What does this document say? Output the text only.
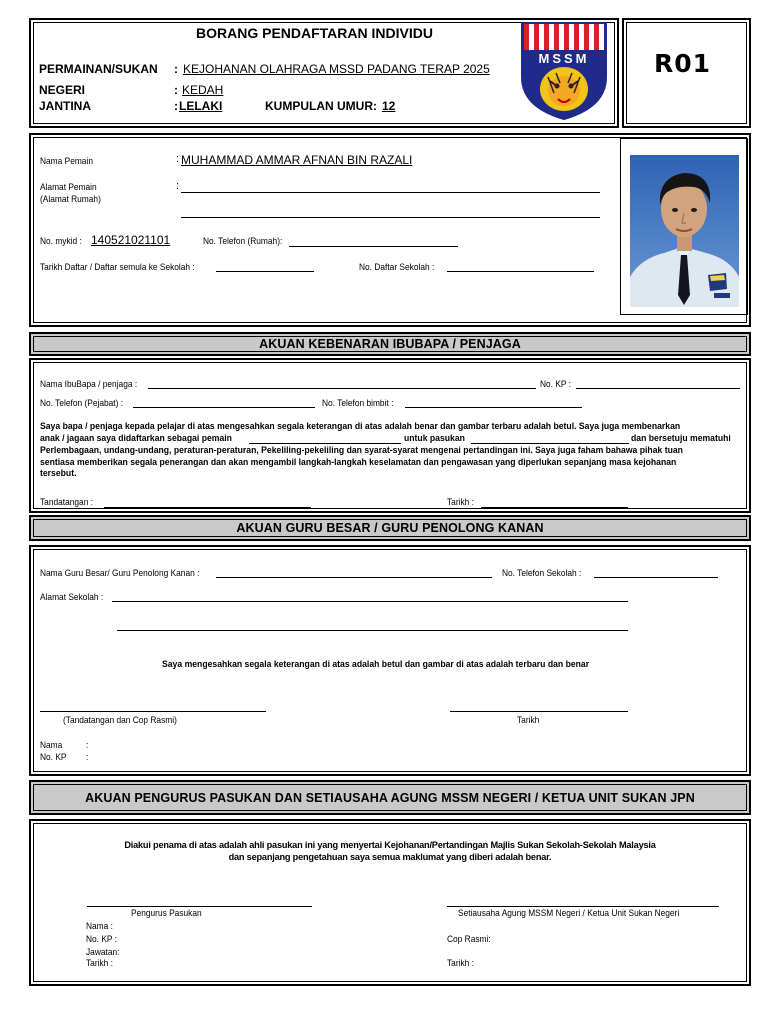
BORANG PENDAFTARAN INDIVIDU
PERMAINAN/SUKAN : KEJOHANAN OLAHRAGA MSSD PADANG TERAP 2025
NEGERI	: KEDAH
JANTINA	: LELAKI	KUMPULAN UMUR: 12
MSSM	R01
Nama Pemain	: MUHAMMAD AMMAR AFNAN BIN RAZALI
Alamat Pemain
(Alamat Rumah)
:
No. mykid : 140521021101	No. Telefon (Rumah):
Tarikh Daftar / Daftar semula ke Sekolah :	No. Daftar Sekolah :
AKUAN KEBENARAN IBUBAPA / PENJAGA
Nama IbuBapa / penjaga :	No. KP :
No. Telefon (Pejabat) :	No. Telefon bimbit :
Saya bapa / penjaga kepada pelajar di atas mengesahkan segala keterangan di atas adalah benar dan gambar terbaru adalah betul. Saya juga membenarkan
anak / jagaan saya didaftarkan sebagai pemain	untuk pasukan	dan bersetuju mematuhi
Perlembagaan, undang-undang, peraturan-peraturan, Pekeliling-pekeliling dan syarat-syarat mengenai pertandingan ini. Saya juga faham bahawa pihak tuan
sentiasa memberikan segala penerangan dan akan mengambil langkah-langkah keselamatan dan pengawasan yang diperlukan sepanjang masa kejohanan
tersebut.
Tandatangan :	Tarikh :
AKUAN GURU BESAR / GURU PENOLONG KANAN
Nama Guru Besar/ Guru Penolong Kanan :	No. Telefon Sekolah :
Alamat Sekolah :
Saya mengesahkan segala keterangan di atas adalah betul dan gambar di atas adalah terbaru dan benar
(Tandatangan dan Cop Rasmi)	Tarikh
Nama :
No. KP :
AKUAN PENGURUS PASUKAN DAN SETIAUSAHA AGUNG MSSM NEGERI / KETUA UNIT SUKAN JPN
Diakui penama di atas adalah ahli pasukan ini yang menyertai Kejohanan/Pertandingan Majlis Sukan Sekolah-Sekolah Malaysia
dan sepanjang pengetahuan saya semua maklumat yang diberi adalah benar.
Pengurus Pasukan
Nama :
No. KP :
Jawatan:
Tarikh :
Setiausaha Agung MSSM Negeri / Ketua Unit Sukan Negeri
Cop Rasmi:
Tarikh :
